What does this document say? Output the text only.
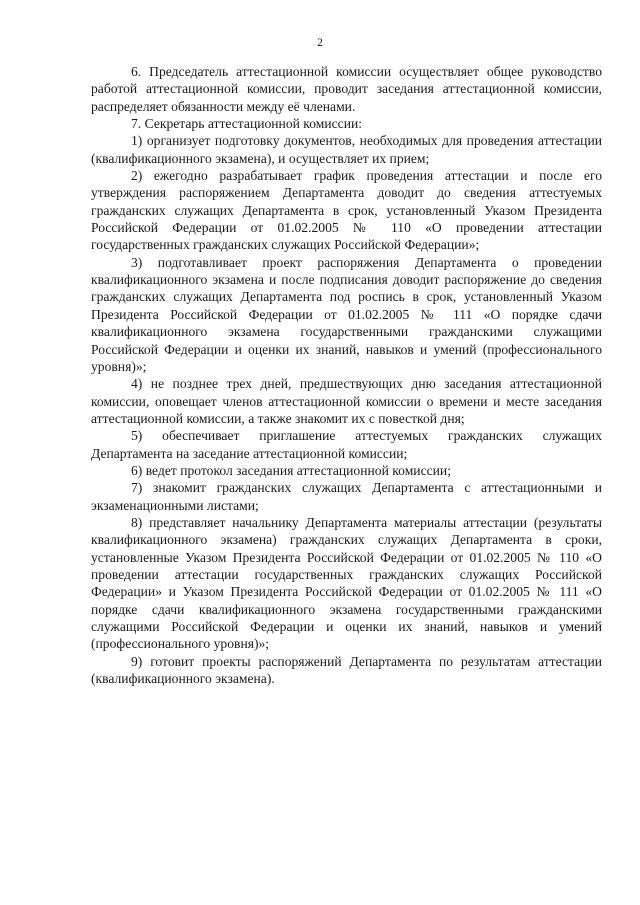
2

6. Председатель аттестационной комиссии осуществляет общее руководство работой аттестационной комиссии, проводит заседания аттестационной комиссии, распределяет обязанности между её членами.

7. Секретарь аттестационной комиссии:

1) организует подготовку документов, необходимых для проведения аттестации (квалификационного экзамена), и осуществляет их прием;

2) ежегодно разрабатывает график проведения аттестации и после его утверждения распоряжением Департамента доводит до сведения аттестуемых гражданских служащих Департамента в срок, установленный Указом Президента Российской Федерации от 01.02.2005 № 110 «О проведении аттестации государственных гражданских служащих Российской Федерации»;

3) подготавливает проект распоряжения Департамента о проведении квалификационного экзамена и после подписания доводит распоряжение до сведения гражданских служащих Департамента под роспись в срок, установленный Указом Президента Российской Федерации от 01.02.2005 № 111 «О порядке сдачи квалификационного экзамена государственными гражданскими служащими Российской Федерации и оценки их знаний, навыков и умений (профессионального уровня)»;

4) не позднее трех дней, предшествующих дню заседания аттестационной комиссии, оповещает членов аттестационной комиссии о времени и месте заседания аттестационной комиссии, а также знакомит их с повесткой дня;

5) обеспечивает приглашение аттестуемых гражданских служащих Департамента на заседание аттестационной комиссии;

6) ведет протокол заседания аттестационной комиссии;

7) знакомит гражданских служащих Департамента с аттестационными и экзаменационными листами;

8) представляет начальнику Департамента материалы аттестации (результаты квалификационного экзамена) гражданских служащих Департамента в сроки, установленные Указом Президента Российской Федерации от 01.02.2005 № 110 «О проведении аттестации государственных гражданских служащих Российской Федерации» и Указом Президента Российской Федерации от 01.02.2005 № 111 «О порядке сдачи квалификационного экзамена государственными гражданскими служащими Российской Федерации и оценки их знаний, навыков и умений (профессионального уровня)»;

9) готовит проекты распоряжений Департамента по результатам аттестации (квалификационного экзамена).
